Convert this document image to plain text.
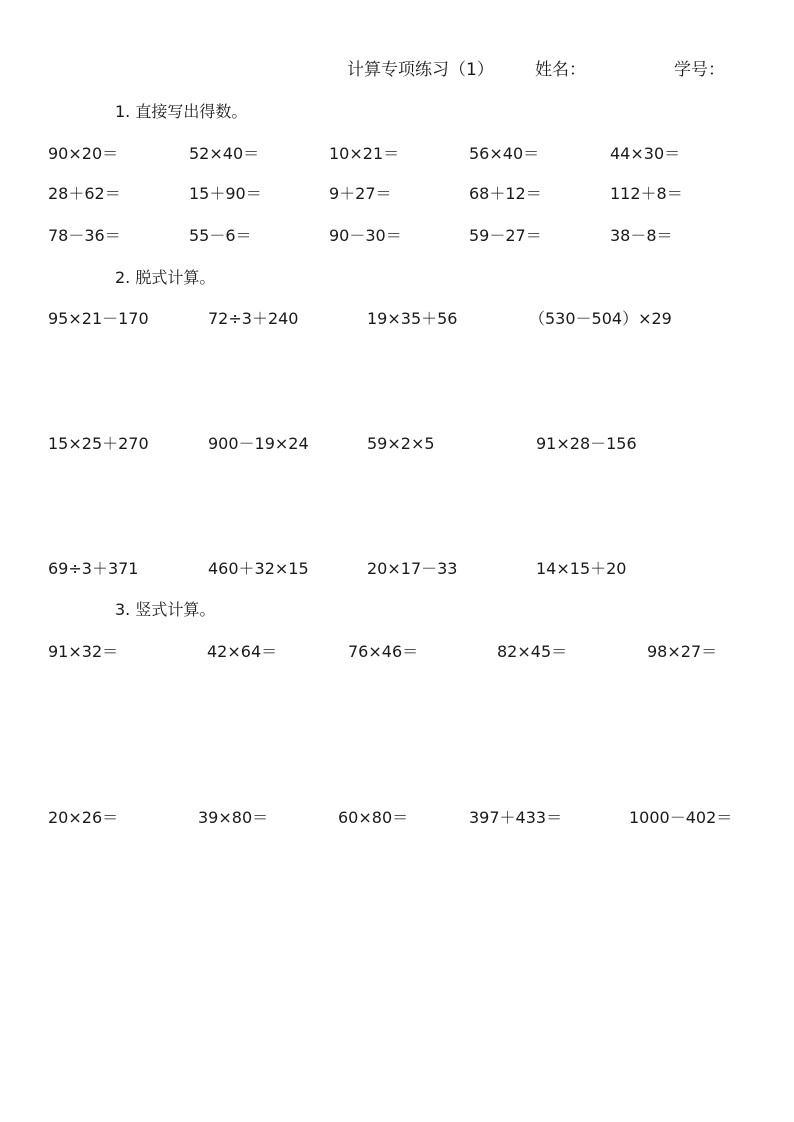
计算专项练习（1） 姓名：	学号：
1. 直接写出得数。
90×20＝	52×40＝	10×21＝	56×40＝	44×30＝
28＋62＝	15＋90＝	9＋27＝	68＋12＝	112＋8＝
78－36＝	55－6＝	90－30＝	59－27＝	38－8＝
2. 脱式计算。
95×21－170	72÷3＋240	19×35＋56	（530－504）×29
15×25＋270	900－19×24	59×2×5	91×28－156
69÷3＋371	460＋32×15	20×17－33	14×15＋20
3. 竖式计算。
91×32＝	42×64＝	76×46＝	82×45＝	98×27＝
20×26＝	39×80＝	60×80＝	397＋433＝	1000－402＝
